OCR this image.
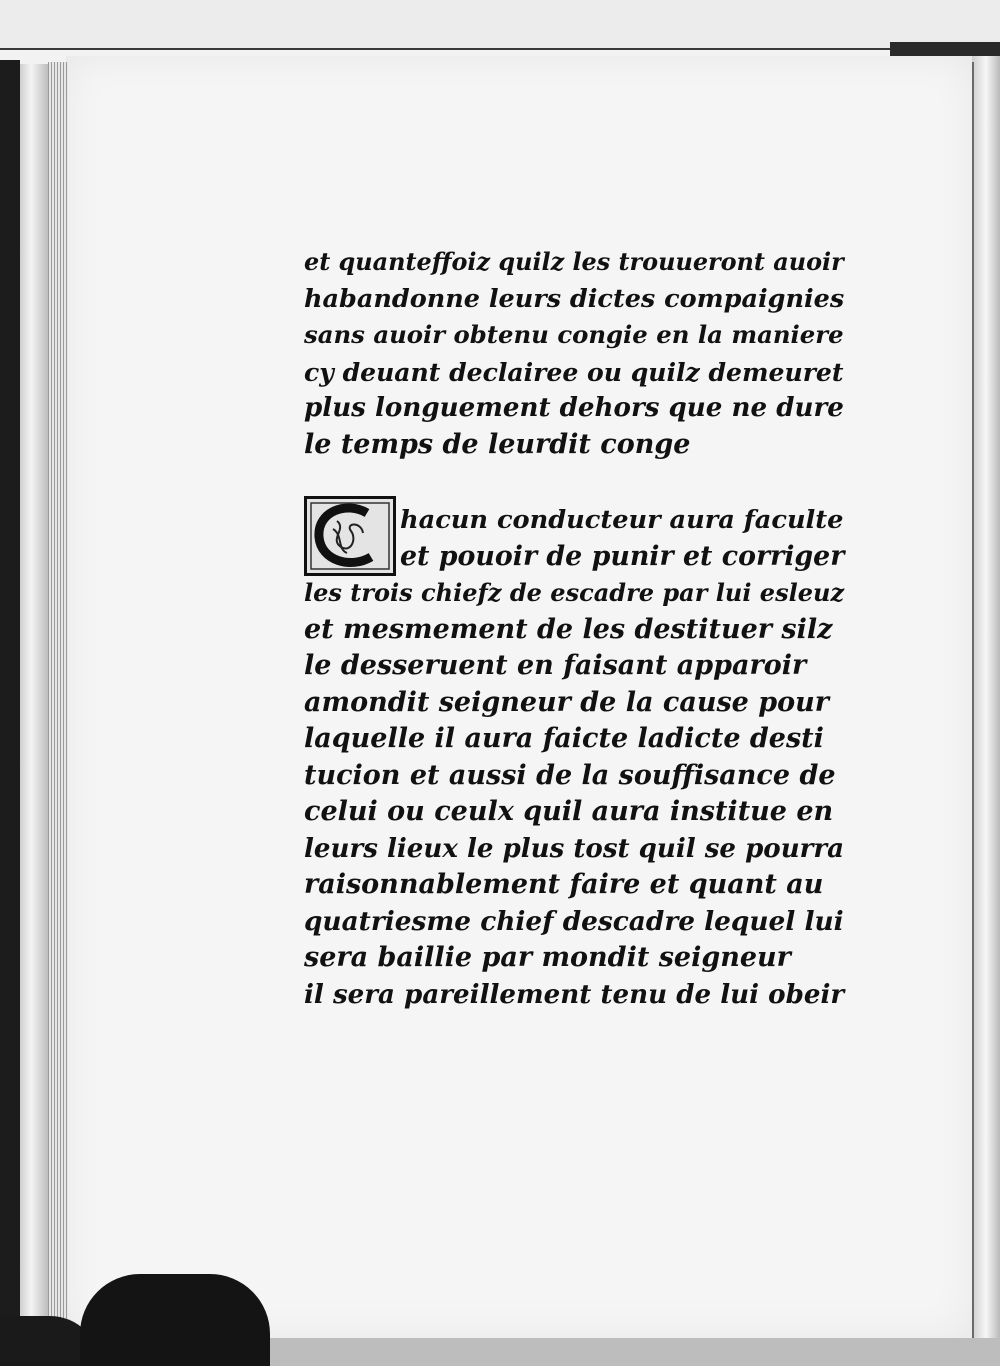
et quanteffoiz quilz les trouueront auoir
habandonne leurs dictes compaignies
sans auoir obtenu congie en la maniere
cy deuant declairee ou quilz demeuret
plus longuement dehors que ne dure
le temps de leurdit conge
hacun conducteur aura faculte
et pouoir de punir et corriger
les trois chiefz de escadre par lui esleuz
et mesmement de les destituer silz
le desseruent en faisant apparoir
amondit seigneur de la cause pour
laquelle il aura faicte ladicte desti
tucion et aussi de la souffisance de
celui ou ceulx quil aura institue en
leurs lieux le plus tost quil se pourra
raisonnablement faire et quant au
quatriesme chief descadre lequel lui
sera baillie par mondit seigneur
il sera pareillement tenu de lui obeir
